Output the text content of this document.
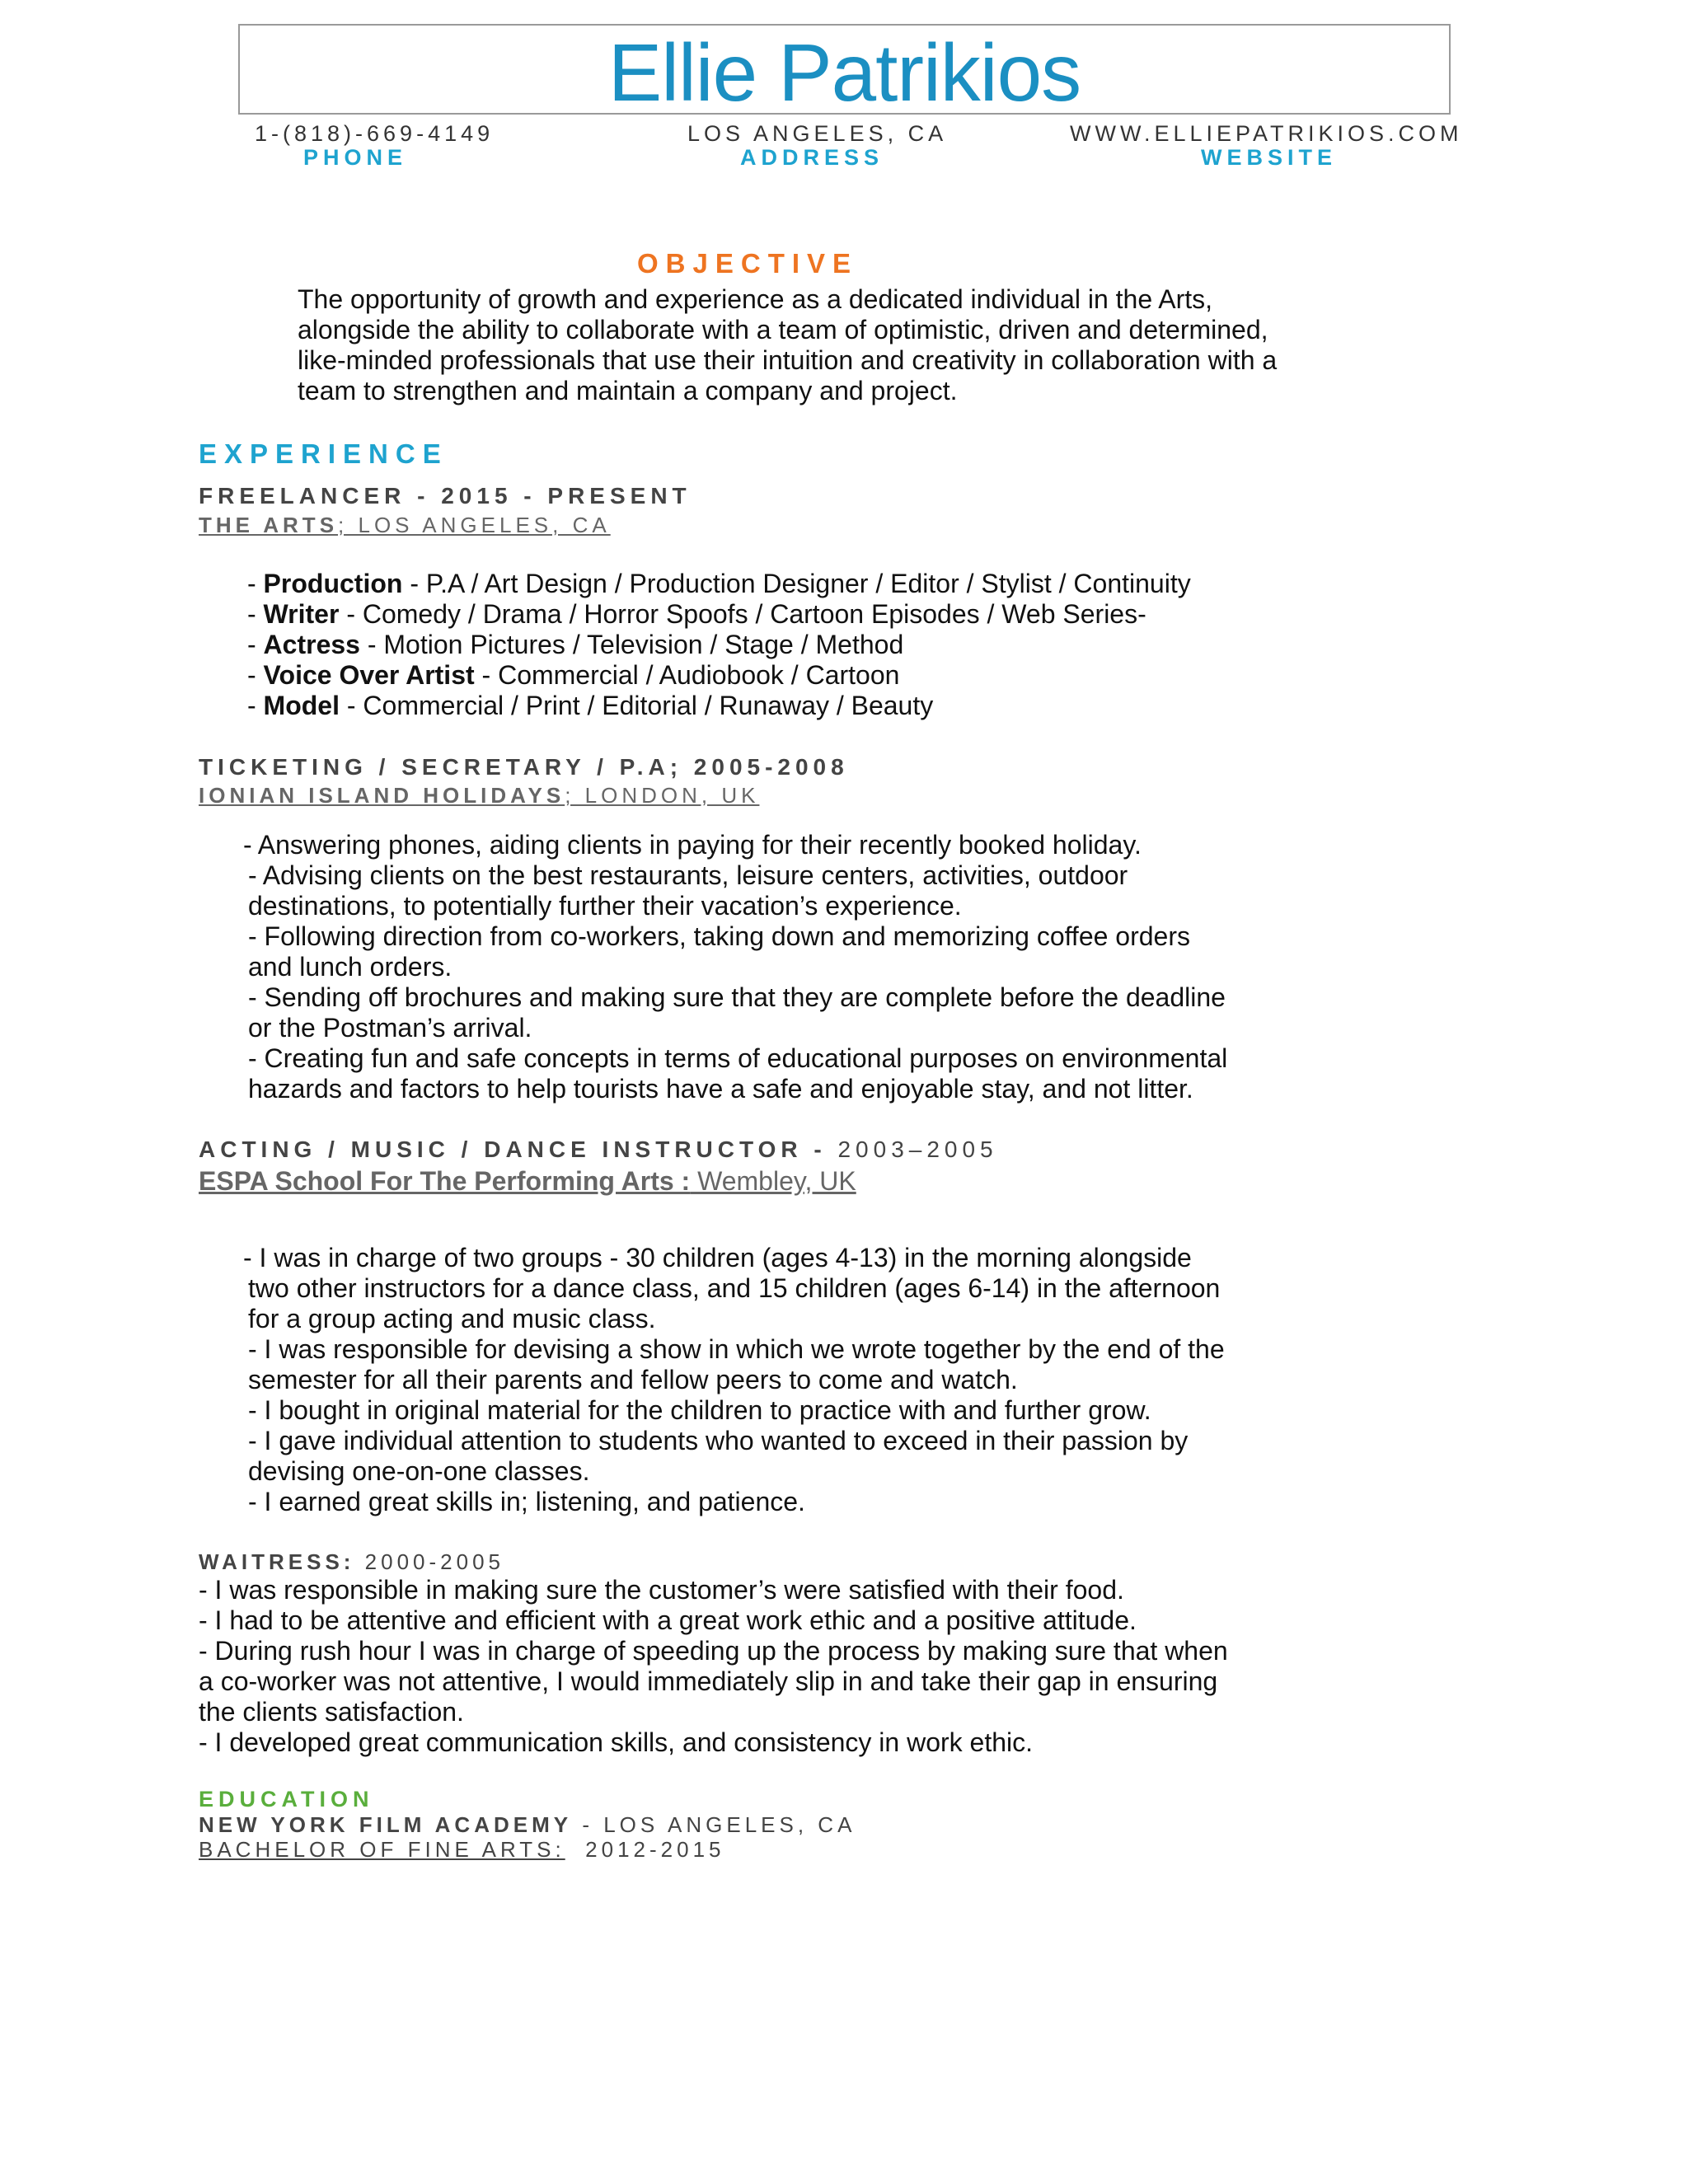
Ellie Patrikios
1-(818)-669-4149
PHONE
LOS ANGELES, CA
ADDRESS
WWW.ELLIEPATRIKIOS.COM
WEBSITE
OBJECTIVE
The opportunity of growth and experience as a dedicated individual in the Arts, alongside the ability to collaborate with a team of optimistic, driven and determined, like-minded professionals that use their intuition and creativity in collaboration with a team to strengthen and maintain a company and project.
EXPERIENCE
FREELANCER - 2015 - PRESENT
THE ARTS; LOS ANGELES, CA
- Production - P.A / Art Design / Production Designer / Editor / Stylist / Continuity
- Writer - Comedy / Drama / Horror Spoofs / Cartoon Episodes / Web Series-
- Actress - Motion Pictures / Television / Stage / Method
- Voice Over Artist - Commercial / Audiobook / Cartoon
- Model - Commercial / Print / Editorial / Runaway / Beauty
TICKETING / SECRETARY / P.A; 2005-2008
IONIAN ISLAND HOLIDAYS; LONDON, UK
- Answering phones, aiding clients in paying for their recently booked holiday.
- Advising clients on the best restaurants, leisure centers, activities, outdoor
destinations, to potentially further their vacation’s experience.
- Following direction from co-workers, taking down and memorizing coffee orders
and lunch orders.
- Sending off brochures and making sure that they are complete before the deadline
or the Postman’s arrival.
- Creating fun and safe concepts in terms of educational purposes on environmental
hazards and factors to help tourists have a safe and enjoyable stay, and not litter.
ACTING / MUSIC / DANCE INSTRUCTOR - 2003–2005
ESPA School For The Performing Arts : Wembley, UK
- I was in charge of two groups - 30 children (ages 4-13) in the morning alongside
two other instructors for a dance class, and 15 children (ages 6-14) in the afternoon
for a group acting and music class.
- I was responsible for devising a show in which we wrote together by the end of the
semester for all their parents and fellow peers to come and watch.
- I bought in original material for the children to practice with and further grow.
- I gave individual attention to students who wanted to exceed in their passion by
devising one-on-one classes.
- I earned great skills in; listening, and patience.
WAITRESS: 2000-2005
- I was responsible in making sure the customer’s were satisfied with their food.
- I had to be attentive and efficient with a great work ethic and a positive attitude.
- During rush hour I was in charge of speeding up the process by making sure that when
a co-worker was not attentive, I would immediately slip in and take their gap in ensuring
the clients satisfaction.
- I developed great communication skills, and consistency in work ethic.
EDUCATION
NEW YORK FILM ACADEMY - LOS ANGELES, CA
BACHELOR OF FINE ARTS:  2012-2015
